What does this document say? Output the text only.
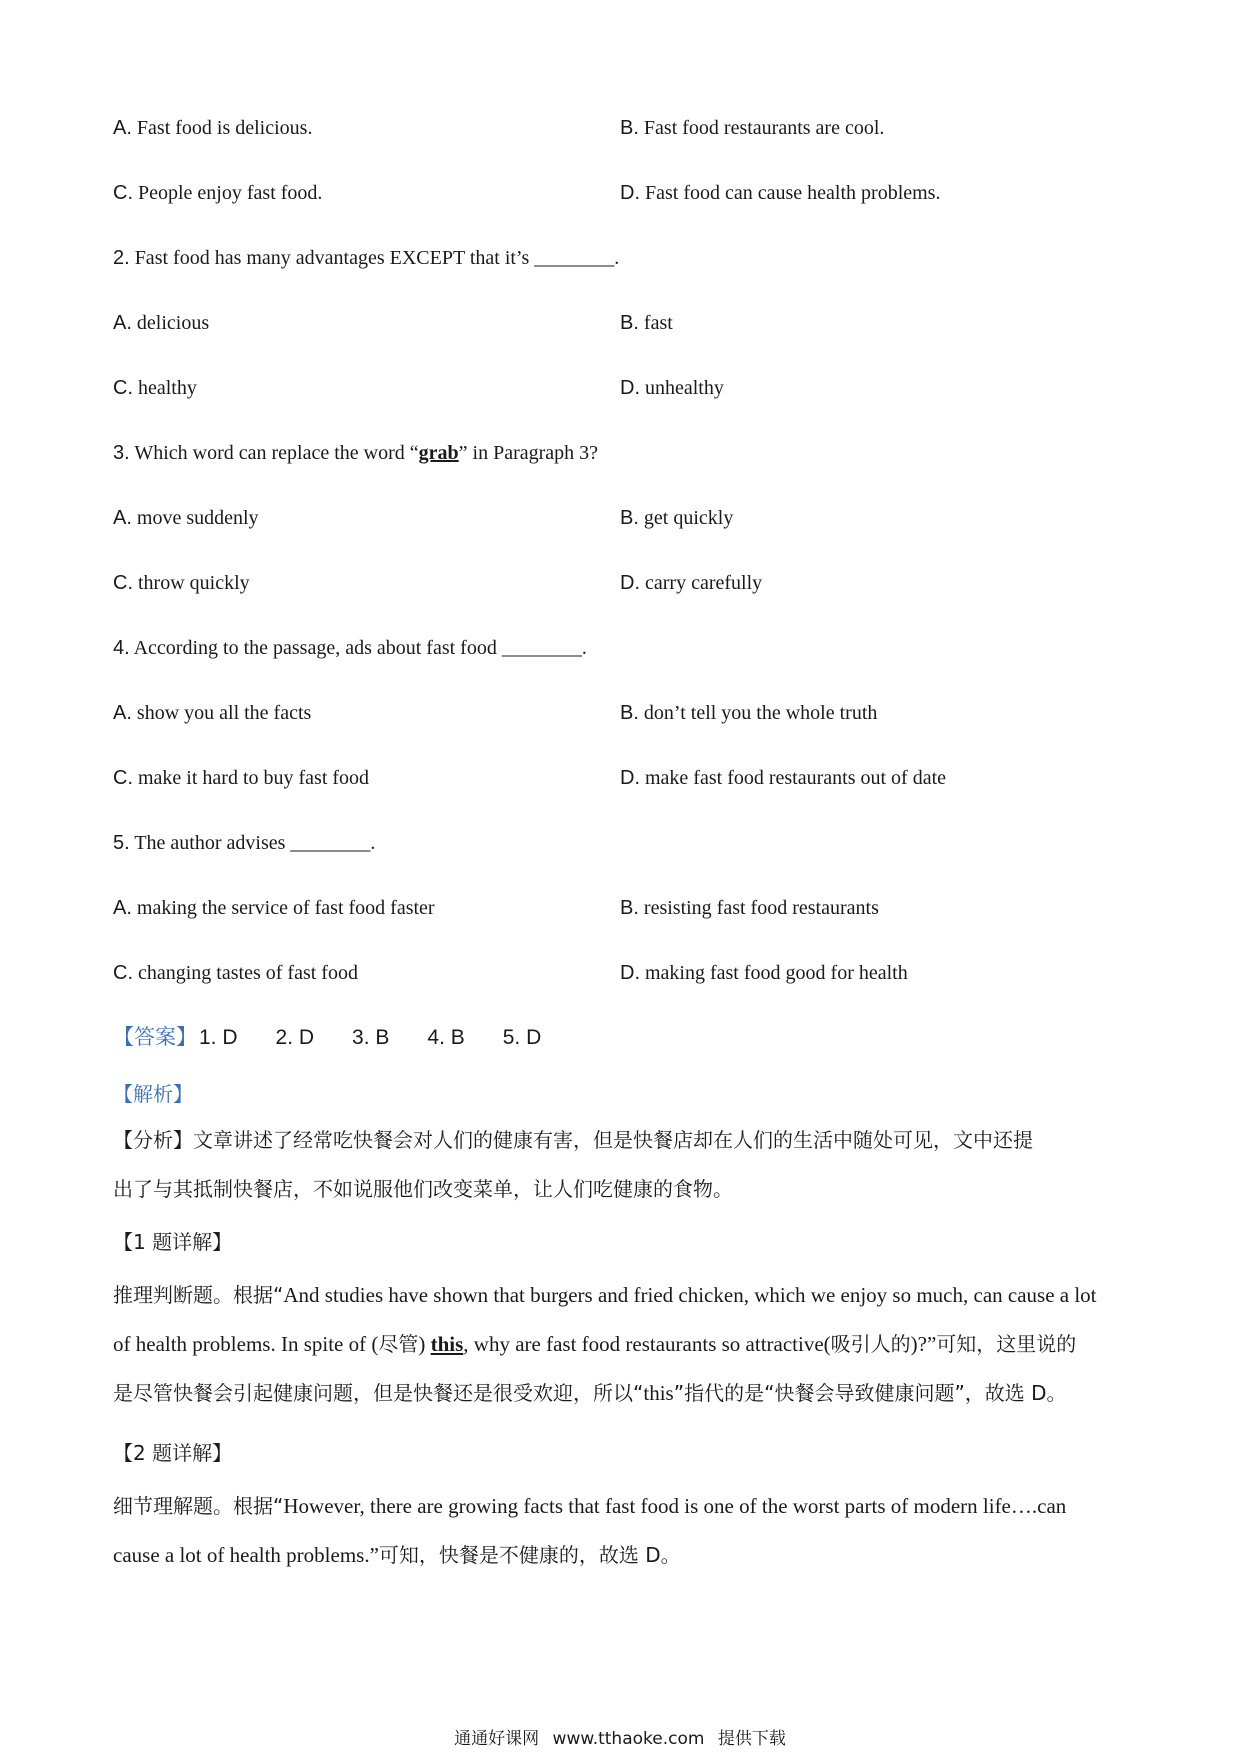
A. Fast food is delicious.	B. Fast food restaurants are cool.
C. People enjoy fast food.	D. Fast food can cause health problems.
2. Fast food has many advantages EXCEPT that it’s ________.
A. delicious	B. fast
C. healthy	D. unhealthy
3. Which word can replace the word “grab” in Paragraph 3?
A. move suddenly	B. get quickly
C. throw quickly	D. carry carefully
4. According to the passage, ads about fast food ________.
A. show you all the facts	B. don’t tell you the whole truth
C. make it hard to buy fast food	D. make fast food restaurants out of date
5. The author advises ________.
A. making the service of fast food faster	B. resisting fast food restaurants
C. changing tastes of fast food	D. making fast food good for health
【答案】1. D 2. D 3. B 4. B 5. D
【解析】
【分析】文章讲述了经常吃快餐会对人们的健康有害，但是快餐店却在人们的生活中随处可见，文中还提
出了与其抵制快餐店，不如说服他们改变菜单，让人们吃健康的食物。
【1 题详解】
推理判断题。根据“And studies have shown that burgers and fried chicken, which we enjoy so much, can cause a lot
of health problems. In spite of (尽管) this, why are fast food restaurants so attractive(吸引人的)?”可知，这里说的
是尽管快餐会引起健康问题，但是快餐还是很受欢迎，所以“this”指代的是“快餐会导致健康问题”，故选 D。
【2 题详解】
细节理解题。根据“However, there are growing facts that fast food is one of the worst parts of modern life….can
cause a lot of health problems.”可知，快餐是不健康的，故选 D。
通通好课网 www.tthaoke.com 提供下载
